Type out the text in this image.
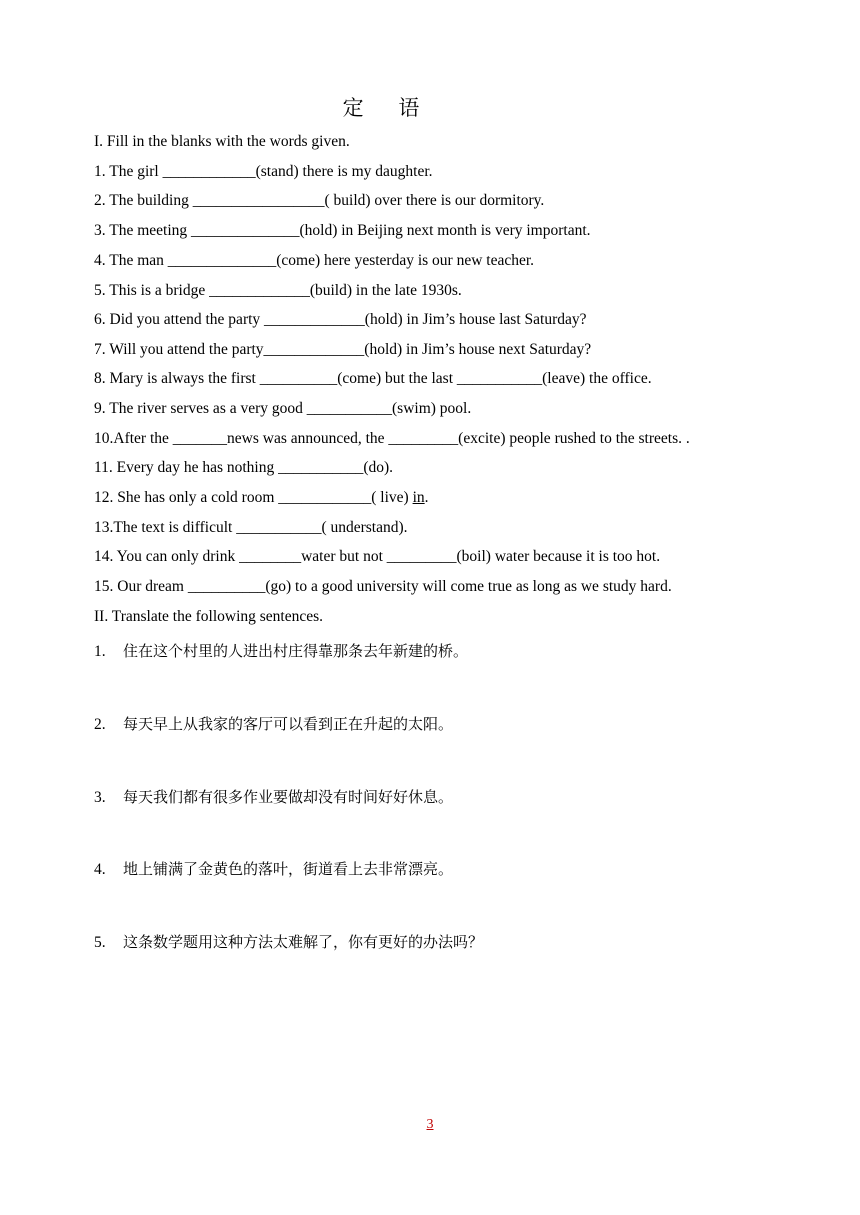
定 语
I. Fill in the blanks with the words given.
1. The girl ____________(stand) there is my daughter.
2. The building _________________( build) over there is our dormitory.
3. The meeting ______________(hold) in Beijing next month is very important.
4. The man ______________(come) here yesterday is our new teacher.
5. This is a bridge _____________(build) in the late 1930s.
6. Did you attend the party _____________(hold) in Jim’s house last Saturday?
7. Will you attend the party_____________(hold) in Jim’s house next Saturday?
8. Mary is always the first __________(come) but the last ___________(leave) the office.
9. The river serves as a very good ___________(swim) pool.
10.After the _______news was announced, the _________(excite) people rushed to the streets. .
11. Every day he has nothing ___________(do).
12. She has only a cold room ____________( live) in.
13.The text is difficult ___________( understand).
14. You can only drink ________water but not _________(boil) water because it is too hot.
15. Our dream __________(go) to a good university will come true as long as we study hard.
II. Translate the following sentences.
1. 住在这个村里的人进出村庄得靠那条去年新建的桥。
2. 每天早上从我家的客厅可以看到正在升起的太阳。
3. 每天我们都有很多作业要做却没有时间好好休息。
4. 地上铺满了金黄色的落叶，街道看上去非常漂亮。
5. 这条数学题用这种方法太难解了，你有更好的办法吗？
3
